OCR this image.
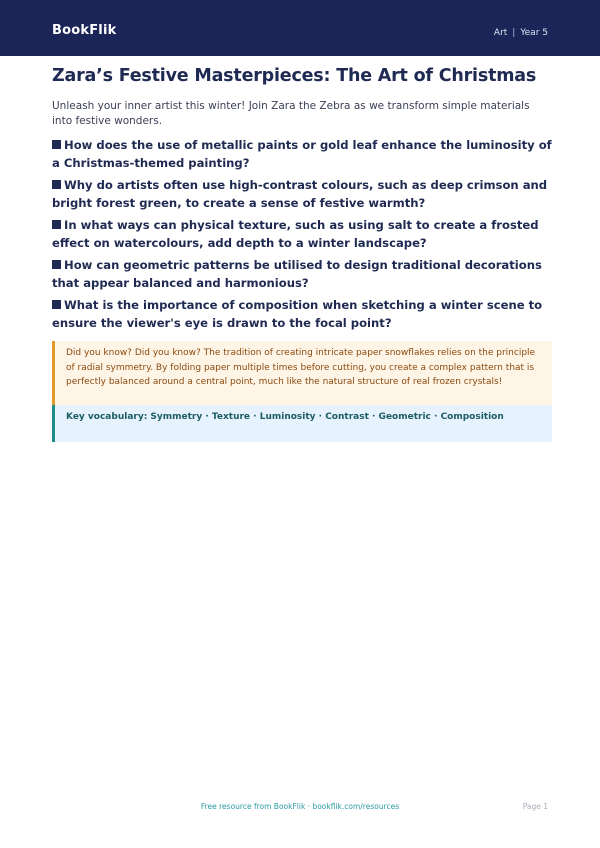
BookFlik	Art | Year 5
Zara’s Festive Masterpieces: The Art of Christmas
Unleash your inner artist this winter! Join Zara the Zebra as we transform simple materials into festive wonders.
How does the use of metallic paints or gold leaf enhance the luminosity of a Christmas-themed painting?
Why do artists often use high-contrast colours, such as deep crimson and bright forest green, to create a sense of festive warmth?
In what ways can physical texture, such as using salt to create a frosted effect on watercolours, add depth to a winter landscape?
How can geometric patterns be utilised to design traditional decorations that appear balanced and harmonious?
What is the importance of composition when sketching a winter scene to ensure the viewer's eye is drawn to the focal point?
Did you know? Did you know? The tradition of creating intricate paper snowflakes relies on the principle of radial symmetry. By folding paper multiple times before cutting, you create a complex pattern that is perfectly balanced around a central point, much like the natural structure of real frozen crystals!
Key vocabulary: Symmetry · Texture · Luminosity · Contrast · Geometric · Composition
Free resource from BookFlik · bookflik.com/resources	Page 1
